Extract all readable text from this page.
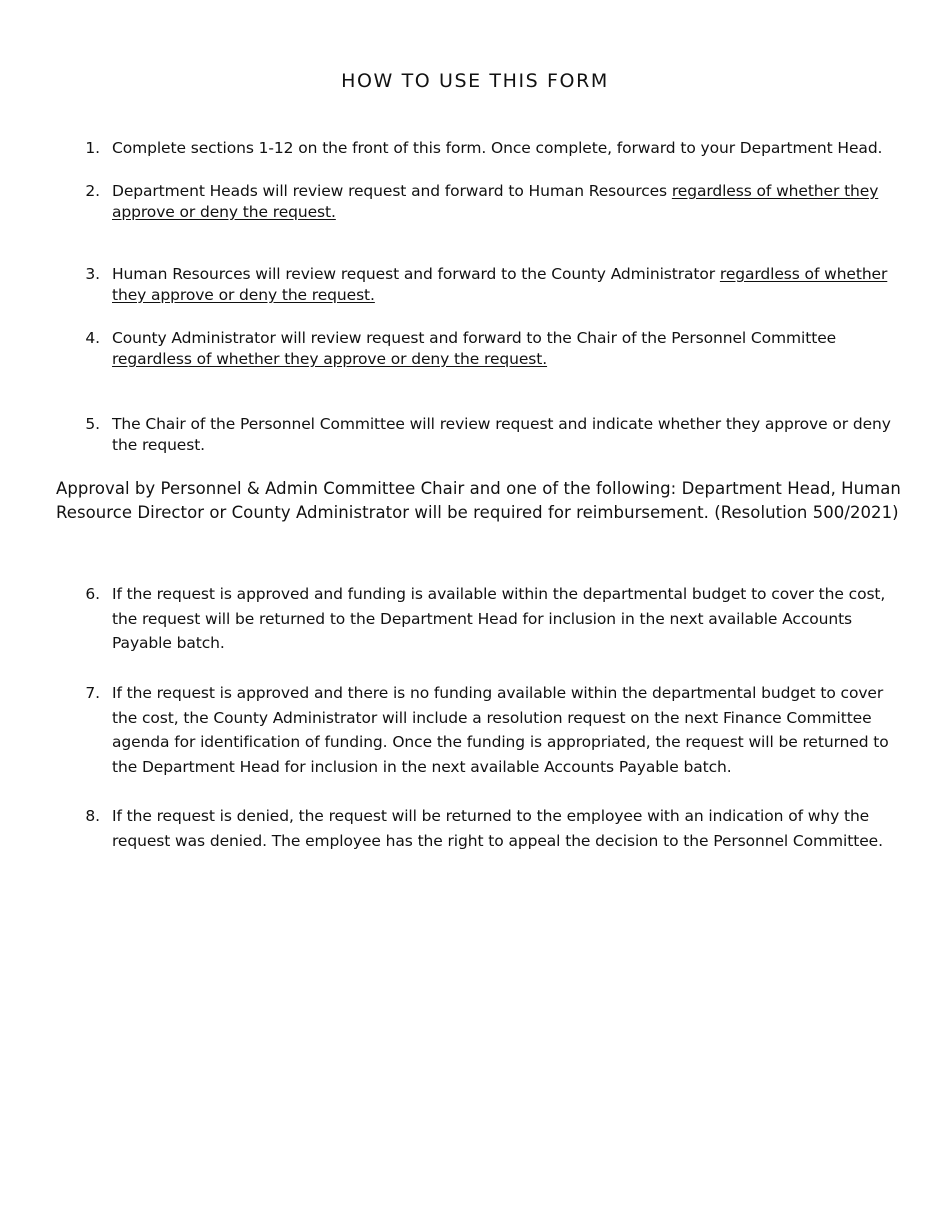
HOW TO USE THIS FORM
1. Complete sections 1-12 on the front of this form. Once complete, forward to your Department Head.
2. Department Heads will review request and forward to Human Resources regardless of whether they approve or deny the request.
3. Human Resources will review request and forward to the County Administrator regardless of whether they approve or deny the request.
4. County Administrator will review request and forward to the Chair of the Personnel Committee regardless of whether they approve or deny the request.
5. The Chair of the Personnel Committee will review request and indicate whether they approve or deny the request.
Approval by Personnel & Admin Committee Chair and one of the following: Department Head, Human Resource Director or County Administrator will be required for reimbursement. (Resolution 500/2021)
6. If the request is approved and funding is available within the departmental budget to cover the cost, the request will be returned to the Department Head for inclusion in the next available Accounts Payable batch.
7. If the request is approved and there is no funding available within the departmental budget to cover the cost, the County Administrator will include a resolution request on the next Finance Committee agenda for identification of funding. Once the funding is appropriated, the request will be returned to the Department Head for inclusion in the next available Accounts Payable batch.
8. If the request is denied, the request will be returned to the employee with an indication of why the request was denied. The employee has the right to appeal the decision to the Personnel Committee.
